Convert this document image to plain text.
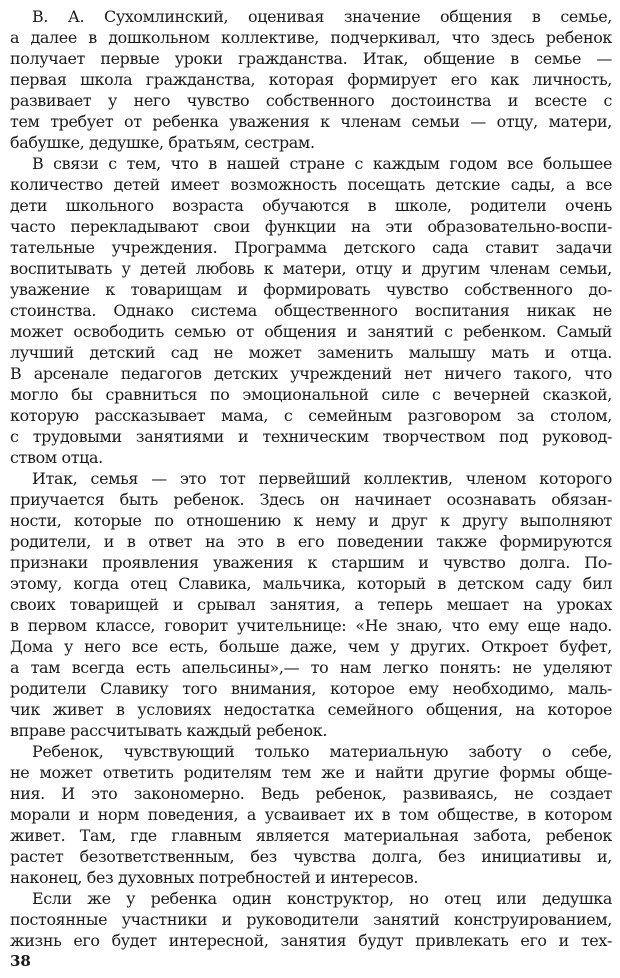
В. А. Сухомлинский, оценивая значение общения в семье,
а далее в дошкольном коллективе, подчеркивал, что здесь ребенок
получает первые уроки гражданства. Итак, общение в семье —
первая школа гражданства, которая формирует его как личность,
развивает у него чувство собственного достоинства и всесте с
тем требует от ребенка уважения к членам семьи — отцу, матери,
бабушке, дедушке, братьям, сестрам.
В связи с тем, что в нашей стране с каждым годом все большее
количество детей имеет возможность посещать детские сады, а все
дети школьного возраста обучаются в школе, родители очень
часто перекладывают свои функции на эти образовательно-воспи-
тательные учреждения. Программа детского сада ставит задачи
воспитывать у детей любовь к матери, отцу и другим членам семьи,
уважение к товарищам и формировать чувство собственного до-
стоинства. Однако система общественного воспитания никак не
может освободить семью от общения и занятий с ребенком. Самый
лучший детский сад не может заменить малышу мать и отца.
В арсенале педагогов детских учреждений нет ничего такого, что
могло бы сравниться по эмоциональной силе с вечерней сказкой,
которую рассказывает мама, с семейным разговором за столом,
с трудовыми занятиями и техническим творчеством под руковод-
ством отца.
Итак, семья — это тот первейший коллектив, членом которого
приучается быть ребенок. Здесь он начинает осознавать обязан-
ности, которые по отношению к нему и друг к другу выполняют
родители, и в ответ на это в его поведении также формируются
признаки проявления уважения к старшим и чувство долга. По-
этому, когда отец Славика, мальчика, который в детском саду бил
своих товарищей и срывал занятия, а теперь мешает на уроках
в первом классе, говорит учительнице: «Не знаю, что ему еще надо.
Дома у него все есть, больше даже, чем у других. Откроет буфет,
а там всегда есть апельсины»,— то нам легко понять: не уделяют
родители Славику того внимания, которое ему необходимо, маль-
чик живет в условиях недостатка семейного общения, на которое
вправе рассчитывать каждый ребенок.
Ребенок, чувствующий только материальную заботу о себе,
не может ответить родителям тем же и найти другие формы обще-
ния. И это закономерно. Ведь ребенок, развиваясь, не создает
морали и норм поведения, а усваивает их в том обществе, в котором
живет. Там, где главным является материальная забота, ребенок
растет безответственным, без чувства долга, без инициативы и,
наконец, без духовных потребностей и интересов.
Если же у ребенка один конструктор, но отец или дедушка
постоянные участники и руководители занятий конструированием,
жизнь его будет интересной, занятия будут привлекать его и тех-
38
